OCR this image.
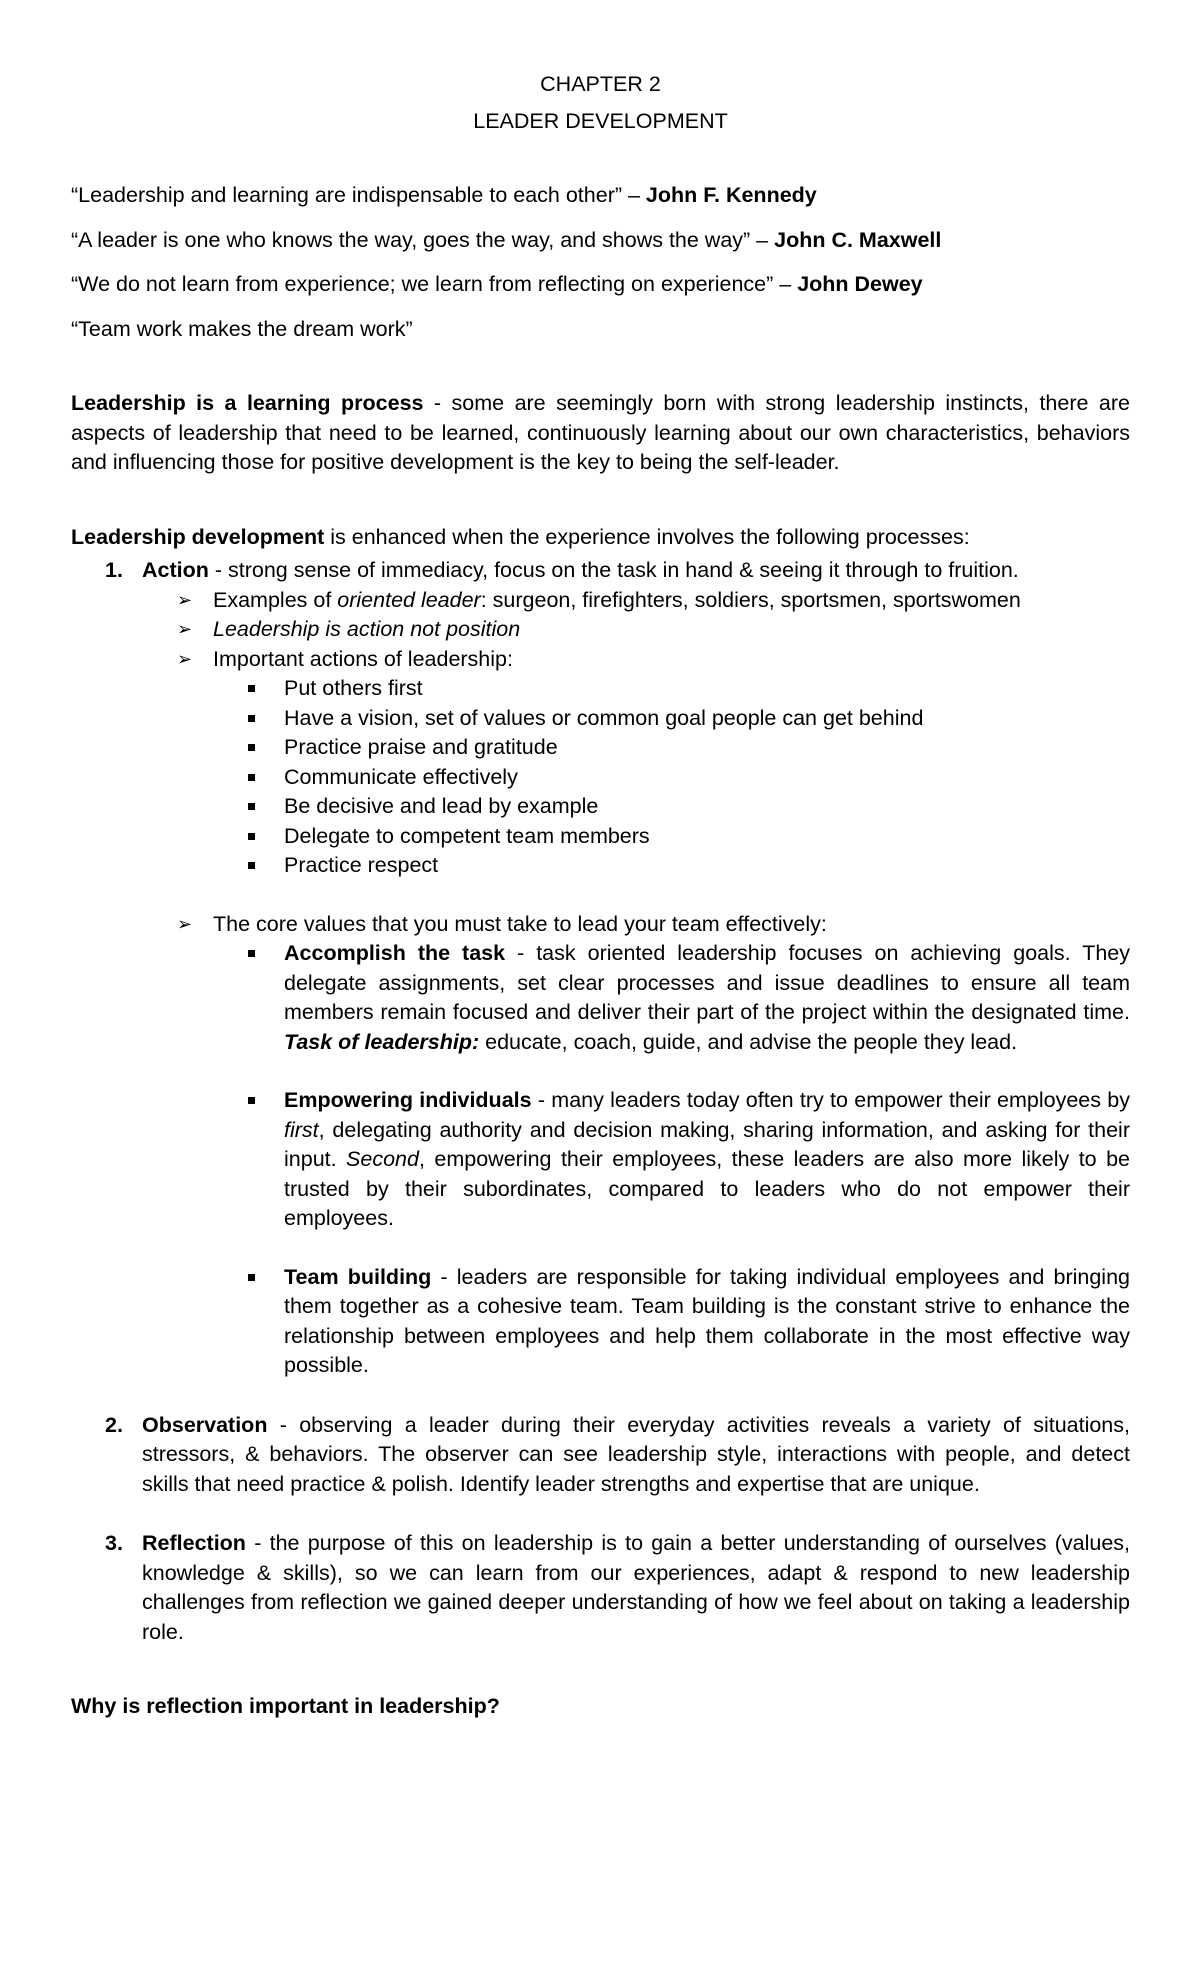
CHAPTER 2
LEADER DEVELOPMENT

“Leadership and learning are indispensable to each other” – John F. Kennedy

“A leader is one who knows the way, goes the way, and shows the way” – John C. Maxwell

“We do not learn from experience; we learn from reflecting on experience” – John Dewey

“Team work makes the dream work”

Leadership is a learning process - some are seemingly born with strong leadership instincts, there are aspects of leadership that need to be learned, continuously learning about our own characteristics, behaviors and influencing those for positive development is the key to being the self-leader.

Leadership development is enhanced when the experience involves the following processes:

1. Action - strong sense of immediacy, focus on the task in hand & seeing it through to fruition.
➢ Examples of oriented leader: surgeon, firefighters, soldiers, sportsmen, sportswomen
➢ Leadership is action not position
➢ Important actions of leadership:
Put others first
Have a vision, set of values or common goal people can get behind
Practice praise and gratitude
Communicate effectively
Be decisive and lead by example
Delegate to competent team members
Practice respect
➢ The core values that you must take to lead your team effectively:
Accomplish the task - task oriented leadership focuses on achieving goals. They delegate assignments, set clear processes and issue deadlines to ensure all team members remain focused and deliver their part of the project within the designated time. Task of leadership: educate, coach, guide, and advise the people they lead.
Empowering individuals - many leaders today often try to empower their employees by first, delegating authority and decision making, sharing information, and asking for their input. Second, empowering their employees, these leaders are also more likely to be trusted by their subordinates, compared to leaders who do not empower their employees.
Team building - leaders are responsible for taking individual employees and bringing them together as a cohesive team. Team building is the constant strive to enhance the relationship between employees and help them collaborate in the most effective way possible.
2. Observation - observing a leader during their everyday activities reveals a variety of situations, stressors, & behaviors. The observer can see leadership style, interactions with people, and detect skills that need practice & polish. Identify leader strengths and expertise that are unique.
3. Reflection - the purpose of this on leadership is to gain a better understanding of ourselves (values, knowledge & skills), so we can learn from our experiences, adapt & respond to new leadership challenges from reflection we gained deeper understanding of how we feel about on taking a leadership role.

Why is reflection important in leadership?
